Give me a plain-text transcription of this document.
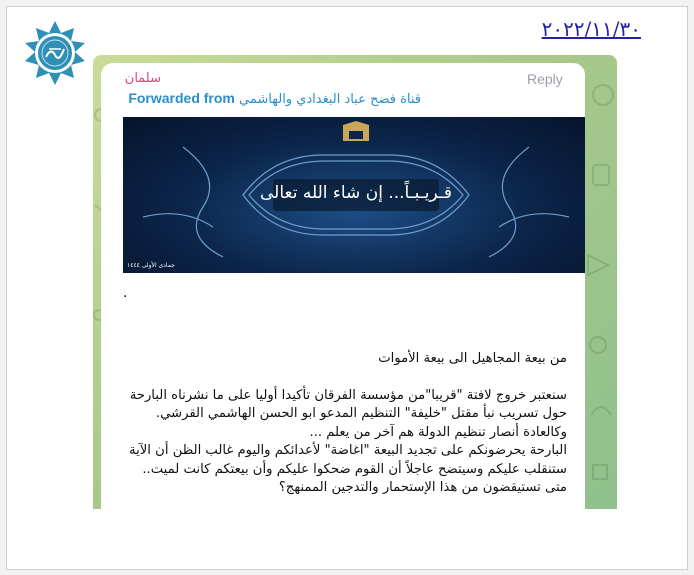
٢٠٢٢/١١/٣٠
Reply
سلمان
Forwarded from قناة فضح عباد البغدادي والهاشمي
قـريـبـاً... إن شاء الله تعالى
جمادى الأولى ١٤٤٤
.

من بيعة المجاهيل الى بيعة الأموات

سنعتبر خروج لافتة "قريبا"من مؤسسة الفرقان تأكيدا أوليا على ما نشرناه البارحة

حول تسريب نبأ مقتل "خليفة" التنظيم المدعو ابو الحسن الهاشمي القرشي.

وكالعادة أنصار تنظيم الدولة هم آخر من يعلم ...

البارحة يحرضونكم على تجديد البيعة "اغاضة" لأعدائكم واليوم غالب الظن أن الآية

ستنقلب عليكم وسيتضح عاجلاً أن القوم ضحكوا عليكم وأن بيعتكم كانت لميت..

متى تستيقضون من هذا الإستحمار والتدجين الممنهج؟
